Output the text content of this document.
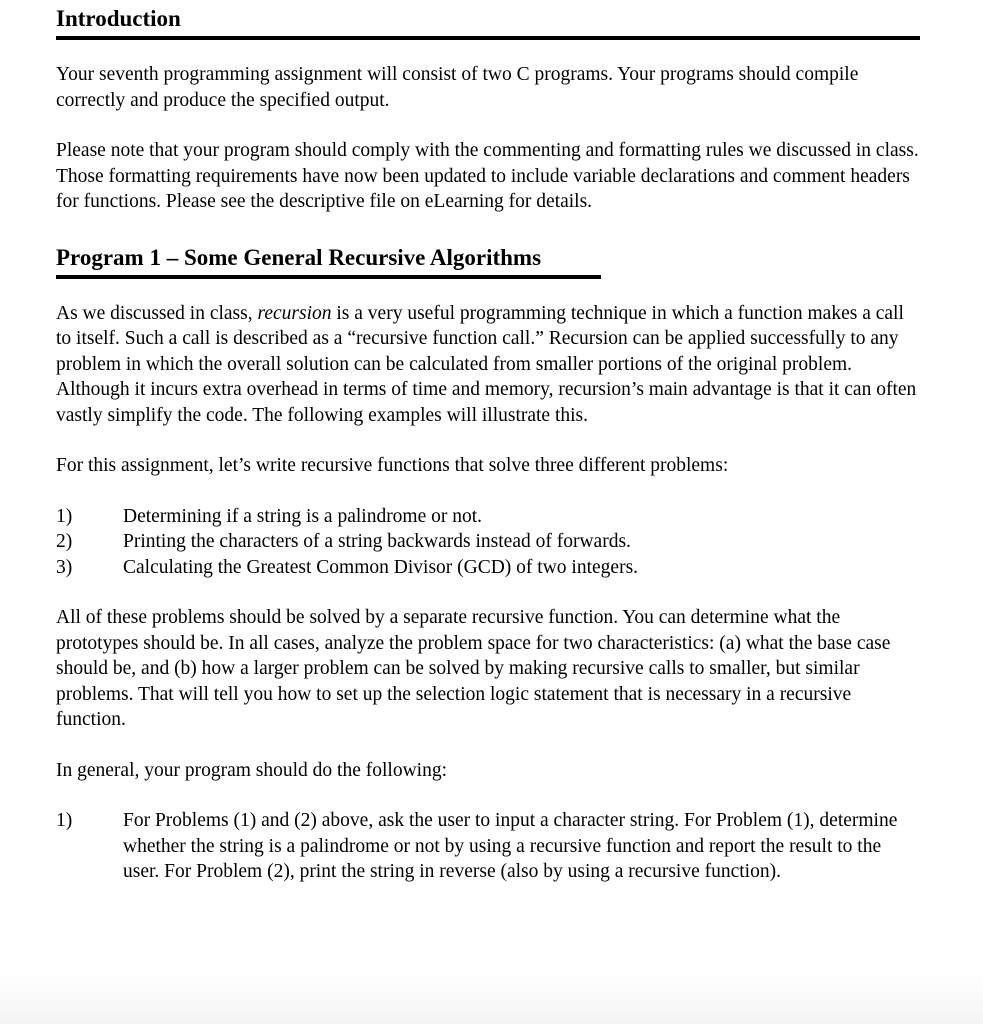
Introduction

Your seventh programming assignment will consist of two C programs. Your programs should compile correctly and produce the specified output.

Please note that your program should comply with the commenting and formatting rules we discussed in class. Those formatting requirements have now been updated to include variable declarations and comment headers for functions. Please see the descriptive file on eLearning for details.

Program 1 – Some General Recursive Algorithms

As we discussed in class, recursion is a very useful programming technique in which a function makes a call to itself. Such a call is described as a “recursive function call.” Recursion can be applied successfully to any problem in which the overall solution can be calculated from smaller portions of the original problem. Although it incurs extra overhead in terms of time and memory, recursion’s main advantage is that it can often vastly simplify the code. The following examples will illustrate this.

For this assignment, let’s write recursive functions that solve three different problems:

1)	Determining if a string is a palindrome or not.
2)	Printing the characters of a string backwards instead of forwards.
3)	Calculating the Greatest Common Divisor (GCD) of two integers.

All of these problems should be solved by a separate recursive function. You can determine what the prototypes should be. In all cases, analyze the problem space for two characteristics: (a) what the base case should be, and (b) how a larger problem can be solved by making recursive calls to smaller, but similar problems. That will tell you how to set up the selection logic statement that is necessary in a recursive function.

In general, your program should do the following:

1)	For Problems (1) and (2) above, ask the user to input a character string. For Problem (1), determine whether the string is a palindrome or not by using a recursive function and report the result to the user. For Problem (2), print the string in reverse (also by using a recursive function).
